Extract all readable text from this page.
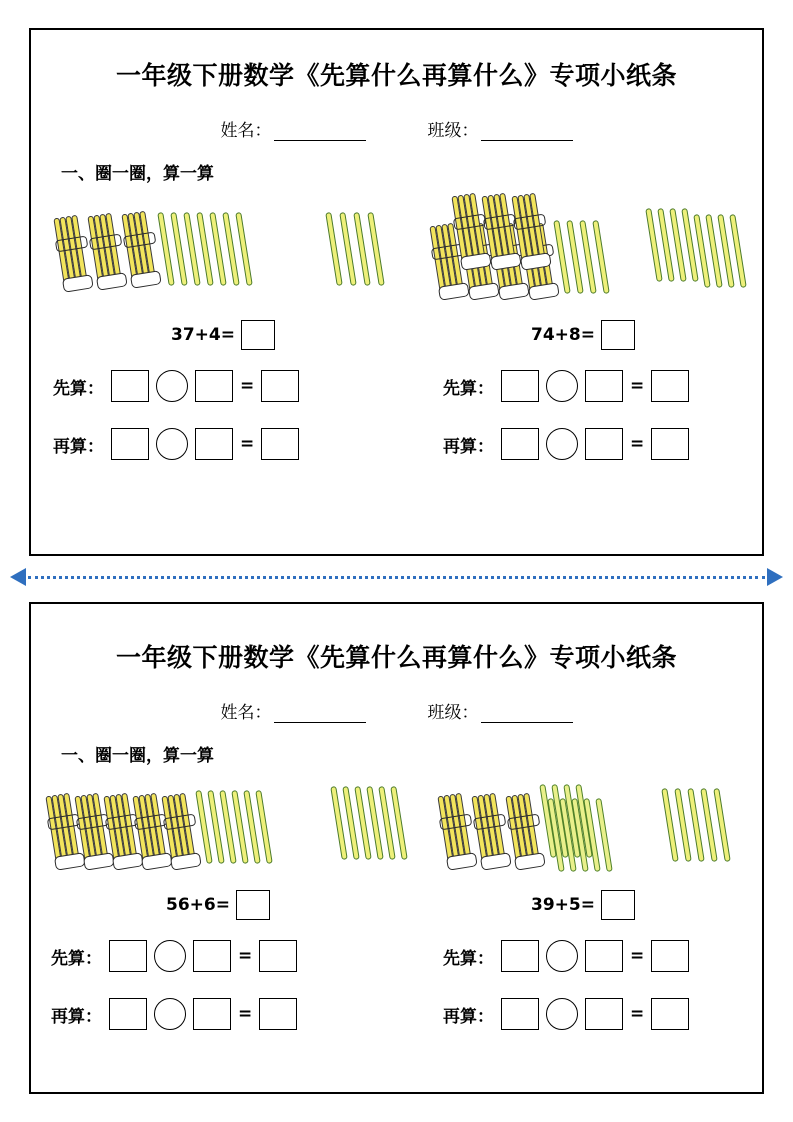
一年级下册数学《先算什么再算什么》专项小纸条
姓名：	班级：
一、圈一圈，算一算
37+4=	74+8=
先算：	=	先算：	=
再算：	=	再算：	=
一年级下册数学《先算什么再算什么》专项小纸条
姓名：	班级：
一、圈一圈，算一算
56+6=	39+5=
先算：	=	先算：	=
再算：	=	再算：	=
